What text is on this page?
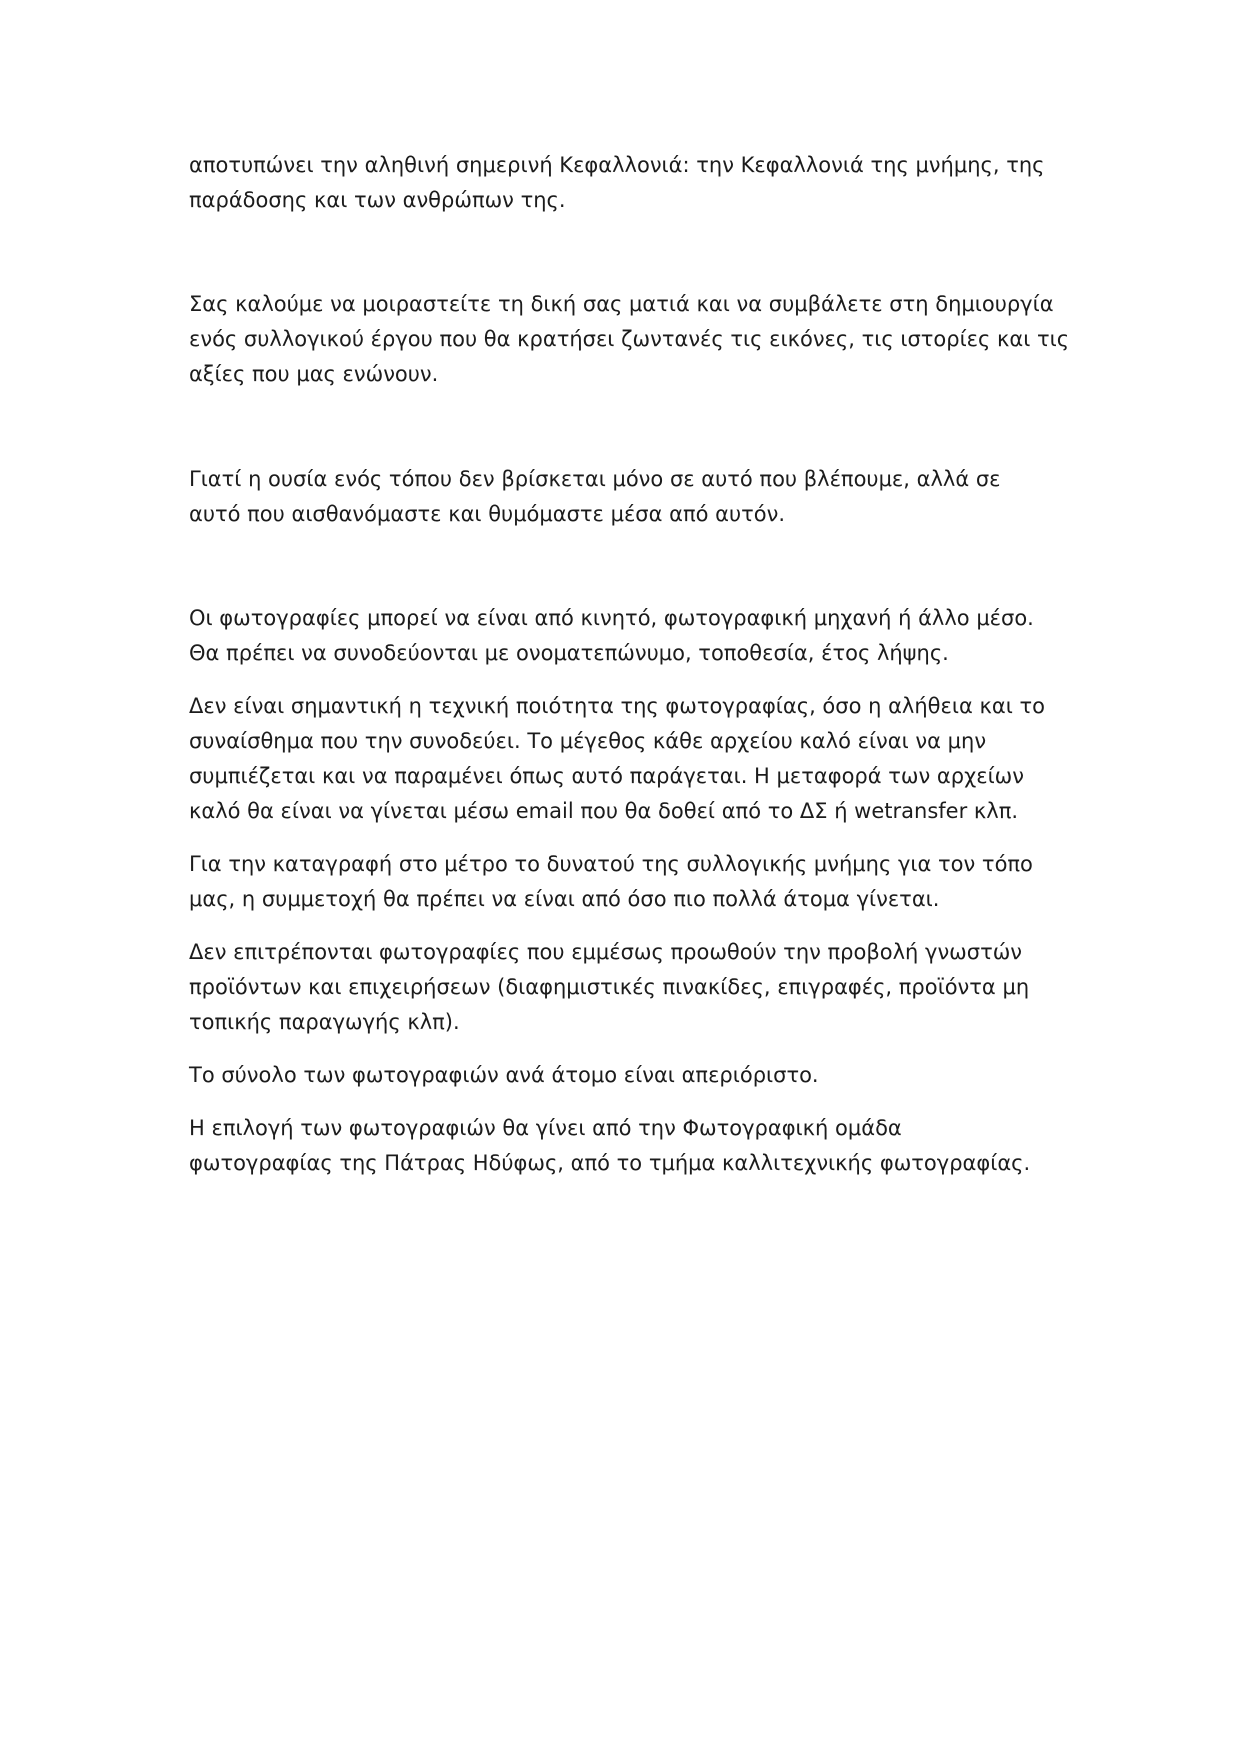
αποτυπώνει την αληθινή σημερινή Κεφαλλονιά: την Κεφαλλονιά της μνήμης, της
παράδοσης και των ανθρώπων της.

Σας καλούμε να μοιραστείτε τη δική σας ματιά και να συμβάλετε στη δημιουργία
ενός συλλογικού έργου που θα κρατήσει ζωντανές τις εικόνες, τις ιστορίες και τις
αξίες που μας ενώνουν.

Γιατί η ουσία ενός τόπου δεν βρίσκεται μόνο σε αυτό που βλέπουμε, αλλά σε
αυτό που αισθανόμαστε και θυμόμαστε μέσα από αυτόν.

Οι φωτογραφίες μπορεί να είναι από κινητό, φωτογραφική μηχανή ή άλλο μέσο.
Θα πρέπει να συνοδεύονται με ονοματεπώνυμο, τοποθεσία, έτος λήψης.

Δεν είναι σημαντική η τεχνική ποιότητα της φωτογραφίας, όσο η αλήθεια και το
συναίσθημα που την συνοδεύει. Το μέγεθος κάθε αρχείου καλό είναι να μην
συμπιέζεται και να παραμένει όπως αυτό παράγεται. Η μεταφορά των αρχείων
καλό θα είναι να γίνεται μέσω email που θα δοθεί από το ΔΣ ή wetransfer κλπ.

Για την καταγραφή στο μέτρο το δυνατού της συλλογικής μνήμης για τον τόπο
μας, η συμμετοχή θα πρέπει να είναι από όσο πιο πολλά άτομα γίνεται.

Δεν επιτρέπονται φωτογραφίες που εμμέσως προωθούν την προβολή γνωστών
προϊόντων και επιχειρήσεων (διαφημιστικές πινακίδες, επιγραφές, προϊόντα μη
τοπικής παραγωγής κλπ).

Το σύνολο των φωτογραφιών ανά άτομο είναι απεριόριστο.

Η επιλογή των φωτογραφιών θα γίνει από την Φωτογραφική ομάδα
φωτογραφίας της Πάτρας Ηδύφως, από το τμήμα καλλιτεχνικής φωτογραφίας.
